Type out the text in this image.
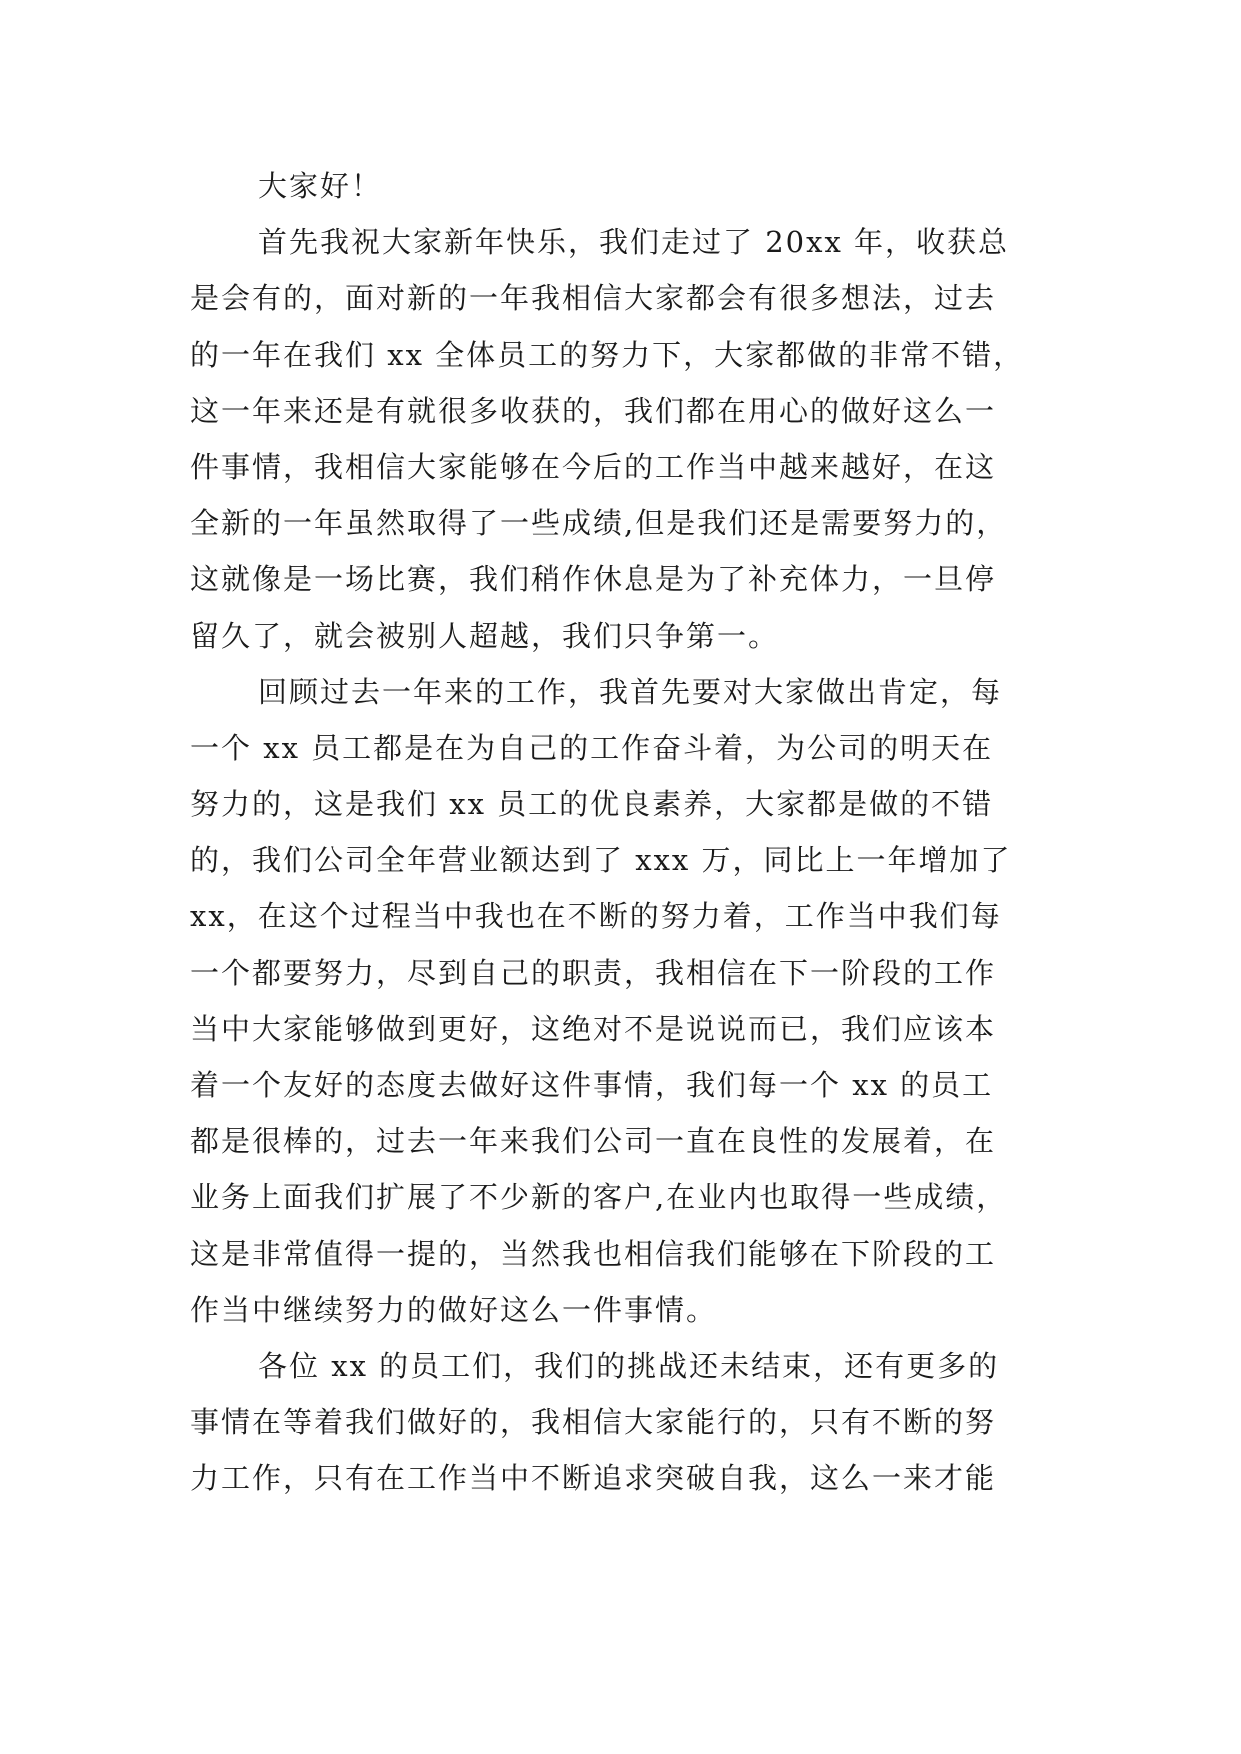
大家好！
首先我祝大家新年快乐，我们走过了 20xx 年，收获总
是会有的，面对新的一年我相信大家都会有很多想法，过去
的一年在我们 xx 全体员工的努力下，大家都做的非常不错，
这一年来还是有就很多收获的，我们都在用心的做好这么一
件事情，我相信大家能够在今后的工作当中越来越好，在这
全新的一年虽然取得了一些成绩,但是我们还是需要努力的，
这就像是一场比赛，我们稍作休息是为了补充体力，一旦停
留久了，就会被别人超越，我们只争第一。
回顾过去一年来的工作，我首先要对大家做出肯定，每
一个 xx 员工都是在为自己的工作奋斗着，为公司的明天在
努力的，这是我们 xx 员工的优良素养，大家都是做的不错
的，我们公司全年营业额达到了 xxx 万，同比上一年增加了
xx，在这个过程当中我也在不断的努力着，工作当中我们每
一个都要努力，尽到自己的职责，我相信在下一阶段的工作
当中大家能够做到更好，这绝对不是说说而已，我们应该本
着一个友好的态度去做好这件事情，我们每一个 xx 的员工
都是很棒的，过去一年来我们公司一直在良性的发展着，在
业务上面我们扩展了不少新的客户,在业内也取得一些成绩，
这是非常值得一提的，当然我也相信我们能够在下阶段的工
作当中继续努力的做好这么一件事情。
各位 xx 的员工们，我们的挑战还未结束，还有更多的
事情在等着我们做好的，我相信大家能行的，只有不断的努
力工作，只有在工作当中不断追求突破自我，这么一来才能
